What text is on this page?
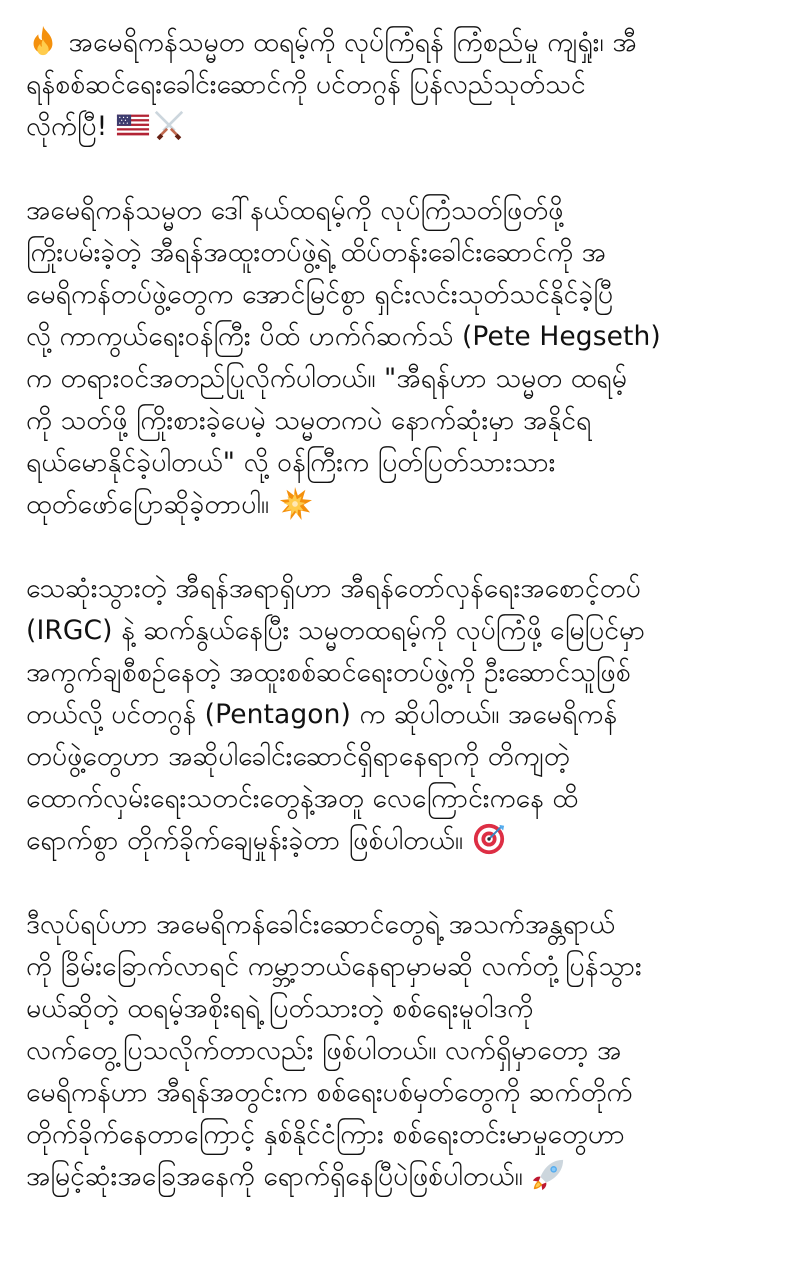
အမေရိကန်သမ္မတ ထရမ့်ကို လုပ်ကြံရန် ကြံစည်မှု ကျရှုံး၊ အီ
ရန်စစ်ဆင်ရေးခေါင်းဆောင်ကို ပင်တဂွန် ပြန်လည်သုတ်သင်
လိုက်ပြီ!

အမေရိကန်သမ္မတ ဒေါ်နယ်ထရမ့်ကို လုပ်ကြံသတ်ဖြတ်ဖို့
ကြိုးပမ်းခဲ့တဲ့ အီရန်အထူးတပ်ဖွဲ့ရဲ့ ထိပ်တန်းခေါင်းဆောင်ကို အ
မေရိကန်တပ်ဖွဲ့တွေက အောင်မြင်စွာ ရှင်းလင်းသုတ်သင်နိုင်ခဲ့ပြီ
လို့ ကာကွယ်ရေးဝန်ကြီး ပိထ် ဟက်ဂ်ဆက်သ် (Pete Hegseth)
က တရားဝင်အတည်ပြုလိုက်ပါတယ်။ "အီရန်ဟာ သမ္မတ ထရမ့်
ကို သတ်ဖို့ ကြိုးစားခဲ့ပေမဲ့ သမ္မတကပဲ နောက်ဆုံးမှာ အနိုင်ရ
ရယ်မောနိုင်ခဲ့ပါတယ်" လို့ ဝန်ကြီးက ပြတ်ပြတ်သားသား
ထုတ်ဖော်ပြောဆိုခဲ့တာပါ။

သေဆုံးသွားတဲ့ အီရန်အရာရှိဟာ အီရန်တော်လှန်ရေးအစောင့်တပ်
(IRGC) နဲ့ ဆက်နွယ်နေပြီး သမ္မတထရမ့်ကို လုပ်ကြံဖို့ မြေပြင်မှာ
အကွက်ချစီစဉ်နေတဲ့ အထူးစစ်ဆင်ရေးတပ်ဖွဲ့ကို ဦးဆောင်သူဖြစ်
တယ်လို့ ပင်တဂွန် (Pentagon) က ဆိုပါတယ်။ အမေရိကန်
တပ်ဖွဲ့တွေဟာ အဆိုပါခေါင်းဆောင်ရှိရာနေရာကို တိကျတဲ့
ထောက်လှမ်းရေးသတင်းတွေနဲ့အတူ လေကြောင်းကနေ ထိ
ရောက်စွာ တိုက်ခိုက်ချေမှုန်းခဲ့တာ ဖြစ်ပါတယ်။

ဒီလုပ်ရပ်ဟာ အမေရိကန်ခေါင်းဆောင်တွေရဲ့ အသက်အန္တရာယ်
ကို ခြိမ်းခြောက်လာရင် ကမ္ဘာ့ဘယ်နေရာမှာမဆို လက်တုံ့ပြန်သွား
မယ်ဆိုတဲ့ ထရမ့်အစိုးရရဲ့ ပြတ်သားတဲ့ စစ်ရေးမူဝါဒကို
လက်တွေ့ပြသလိုက်တာလည်း ဖြစ်ပါတယ်။ လက်ရှိမှာတော့ အ
မေရိကန်ဟာ အီရန်အတွင်းက စစ်ရေးပစ်မှတ်တွေကို ဆက်တိုက်
တိုက်ခိုက်နေတာကြောင့် နှစ်နိုင်ငံကြား စစ်ရေးတင်းမာမှုတွေဟာ
အမြင့်ဆုံးအခြေအနေကို ရောက်ရှိနေပြီပဲဖြစ်ပါတယ်။
